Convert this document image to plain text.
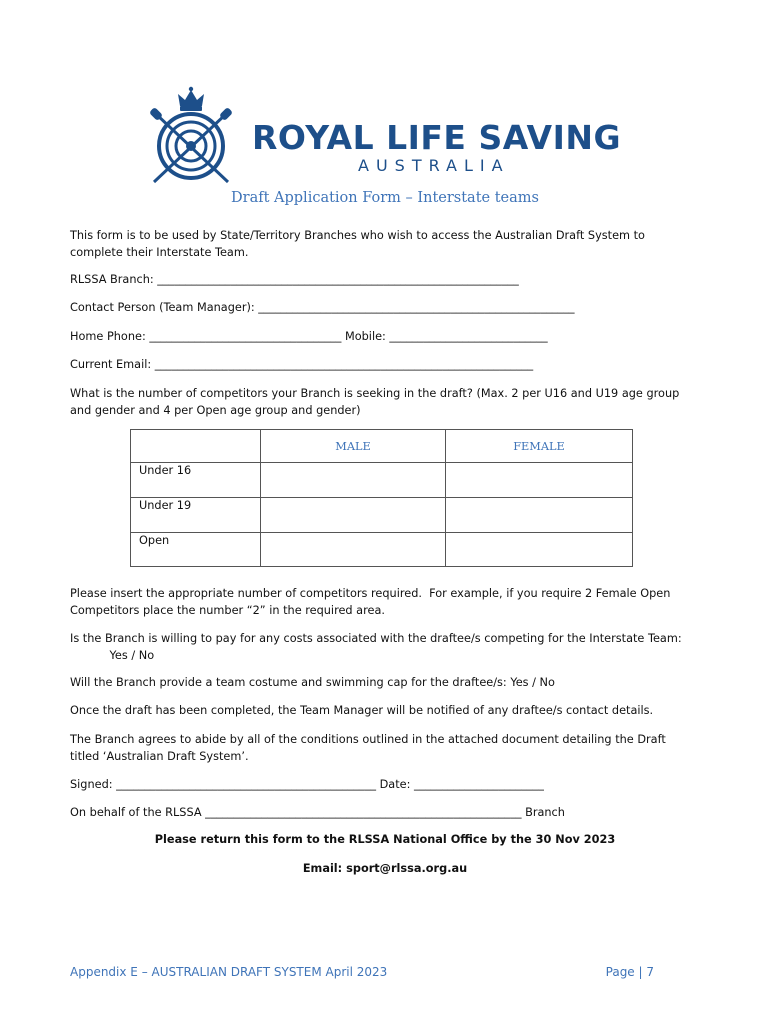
ROYAL LIFE SAVING
AUSTRALIA
Draft Application Form – Interstate teams
This form is to be used by State/Territory Branches who wish to access the Australian Draft System to
complete their Interstate Team.
RLSSA Branch: ________________________________________________________________
Contact Person (Team Manager): ________________________________________________________
Home Phone: __________________________________ Mobile: ____________________________
Current Email: ___________________________________________________________________
What is the number of competitors your Branch is seeking in the draft? (Max. 2 per U16 and U19 age group
and gender and 4 per Open age group and gender)
	MALE	FEMALE
Under 16		
Under 19		
Open		
Please insert the appropriate number of competitors required.  For example, if you require 2 Female Open
Competitors place the number “2” in the required area.
Is the Branch is willing to pay for any costs associated with the draftee/s competing for the Interstate Team:
Yes / No
Will the Branch provide a team costume and swimming cap for the draftee/s: Yes / No
Once the draft has been completed, the Team Manager will be notified of any draftee/s contact details.
The Branch agrees to abide by all of the conditions outlined in the attached document detailing the Draft
titled ‘Australian Draft System’.
Signed: ______________________________________________ Date: _______________________
On behalf of the RLSSA ________________________________________________________ Branch
Please return this form to the RLSSA National Office by the 30 Nov 2023
Email: sport@rlssa.org.au
Appendix E – AUSTRALIAN DRAFT SYSTEM April 2023	Page | 7
